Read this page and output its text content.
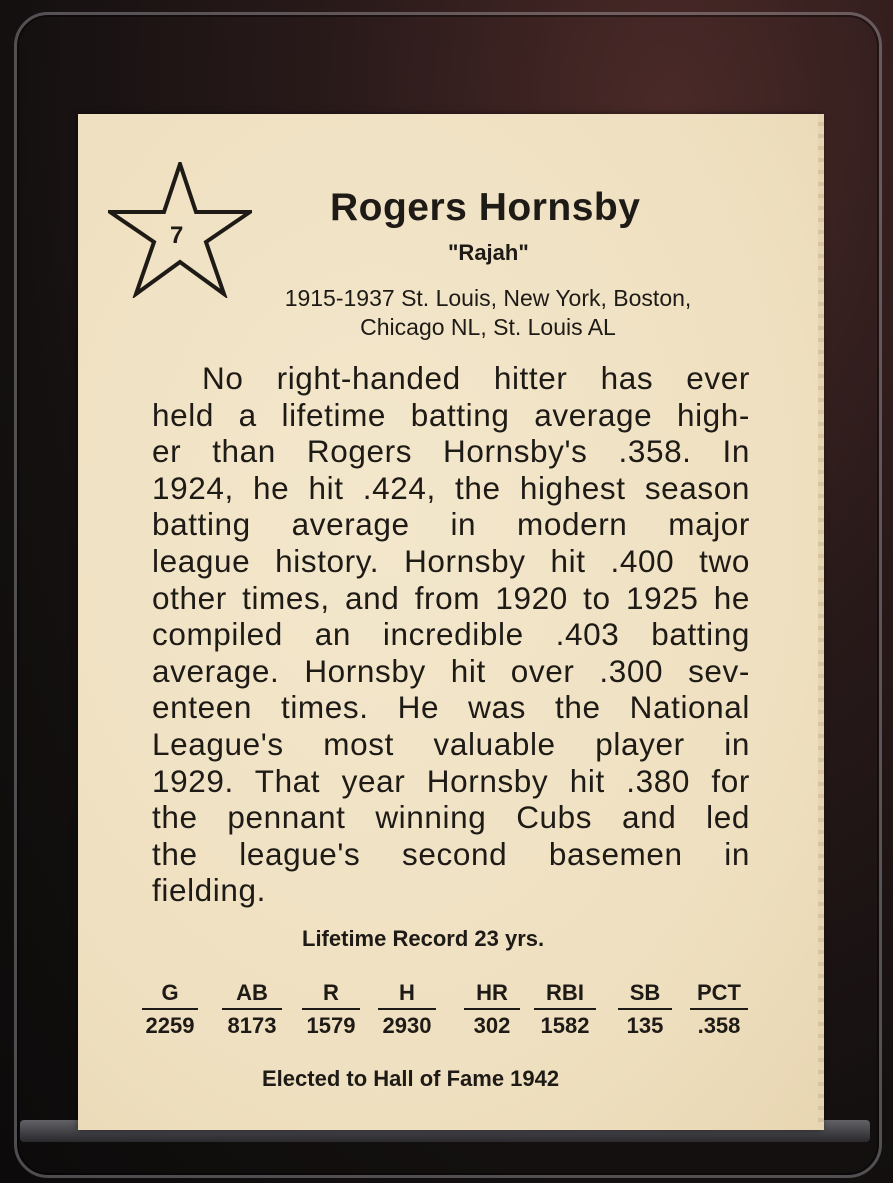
7
Rogers Hornsby
"Rajah"
1915-1937 St. Louis, New York, Boston,
Chicago NL, St. Louis AL
No right-handed hitter has ever
held a lifetime batting average high-
er than Rogers Hornsby's .358. In
1924, he hit .424, the highest season
batting average in modern major
league history. Hornsby hit .400 two
other times, and from 1920 to 1925 he
compiled an incredible .403 batting
average. Hornsby hit over .300 sev-
enteen times. He was the National
League's most valuable player in
1929. That year Hornsby hit .380 for
the pennant winning Cubs and led
the league's second basemen in
fielding.
Lifetime Record 23 yrs.
G
2259
AB
8173
R
1579
H
2930
HR
302
RBI
1582
SB
135
PCT
.358
Elected to Hall of Fame 1942
